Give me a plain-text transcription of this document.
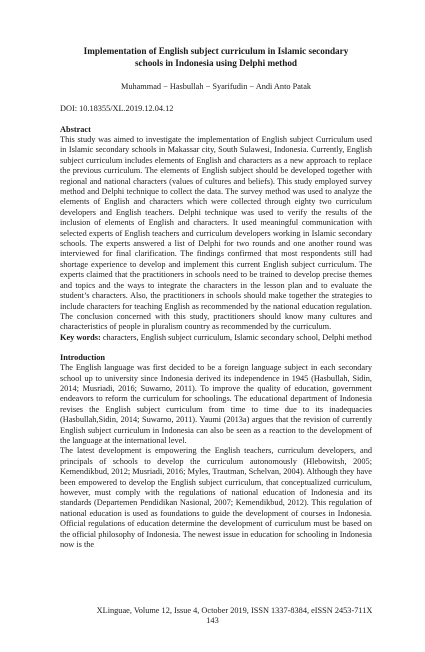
Implementation of English subject curriculum in Islamic secondary
schools in Indonesia using Delphi method
Muhammad − Hasbullah − Syarifudin − Andi Anto Patak
DOI: 10.18355/XL.2019.12.04.12
Abstract

This study was aimed to investigate the implementation of English subject Curriculum used in Islamic secondary schools in Makassar city, South Sulawesi, Indonesia. Currently, English subject curriculum includes elements of English and characters as a new approach to replace the previous curriculum. The elements of English subject should be developed together with regional and national characters (values of cultures and beliefs). This study employed survey method and Delphi technique to collect the data. The survey method was used to analyze the elements of English and characters which were collected through eighty two curriculum developers and English teachers. Delphi technique was used to verify the results of the inclusion of elements of English and characters. It used meaningful communication with selected experts of English teachers and curriculum developers working in Islamic secondary schools. The experts answered a list of Delphi for two rounds and one another round was interviewed for final clarification. The findings confirmed that most respondents still had shortage experience to develop and implement this current English subject curriculum. The experts claimed that the practitioners in schools need to be trained to develop precise themes and topics and the ways to integrate the characters in the lesson plan and to evaluate the student’s characters. Also, the practitioners in schools should make together the strategies to include characters for teaching English as recommended by the national education regulation. The conclusion concerned with this study, practitioners should know many cultures and characteristics of people in pluralism country as recommended by the curriculum.

Key words: characters, English subject curriculum, Islamic secondary school, Delphi method
Introduction

The English language was first decided to be a foreign language subject in each secondary school up to university since Indonesia derived its independence in 1945 (Hasbullah, Sidin, 2014; Musriadi, 2016; Suwarno, 2011). To improve the quality of education, government endeavors to reform the curriculum for schoolings. The educational department of Indonesia revises the English subject curriculum from time to time due to its inadequacies (Hasbullah,Sidin, 2014; Suwarno, 2011). Yaumi (2013a) argues that the revision of currently English subject curriculum in Indonesia can also be seen as a reaction to the development of the language at the international level.

The latest development is empowering the English teachers, curriculum developers, and principals of schools to develop the curriculum autonomously (Hlebowitsh, 2005; Kemendikbud, 2012; Musriadi, 2016; Myles, Trautman, Schelvan, 2004). Although they have been empowered to develop the English subject curriculum, that conceptualized curriculum, however, must comply with the regulations of national education of Indonesia and its standards (Departemen Pendidikan Nasional, 2007; Kemendikbud, 2012). This regulation of national education is used as foundations to guide the development of courses in Indonesia. Official regulations of education determine the development of curriculum must be based on the official philosophy of Indonesia. The newest issue in education for schooling in Indonesia now is the

XLinguae, Volume 12, Issue 4, October 2019, ISSN 1337-8384, eISSN 2453-711X
143
